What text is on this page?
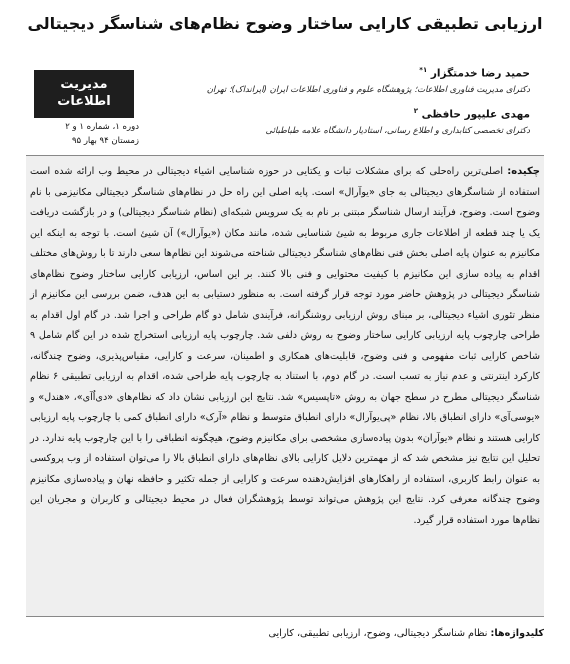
ارزیابی تطبیقی کارایی ساختار وضوح نظام‌های شناسگر دیجیتالی
مدیریت
اطلاعات
دوره ۱، شماره ۱ و ۲
زمستان ۹۴ بهار ۹۵
حمید رضا خدمتگزار $^{۱*}$
دکترای مدیریت فناوری اطلاعات؛ پژوهشگاه علوم و فناوری اطلاعات ایران (ایرانداک)؛ تهران
مهدی علیپور حافظی $^۲$
دکترای تخصصی کتابداری و اطلاع رسانی، استادیار دانشگاه علامه طباطبائی
چکیده: اصلی‌ترین راه‌حلی که برای مشکلات ثبات و یکتایی در حوزه شناسایی اشیاء دیجیتالی در محیط وب ارائه شده است استفاده از شناسگرهای دیجیتالی به جای «یوآرال» است. پایه اصلی این راه حل در نظام‌های شناسگر دیجیتالی مکانیزمی با نام وضوح است. وضوح، فرآیند ارسال شناسگر مبتنی بر نام به یک سرویس شبکه‌ای (نظام شناسگر دیجیتالی) و در بازگشت دریافت یک یا چند قطعه از اطلاعات جاری مربوط به شیئ شناسایی شده، مانند مکان («یوآرال») آن شیئ است. با توجه به اینکه این مکانیزم به عنوان پایه اصلی بخش فنی نظام‌های شناسگر دیجیتالی شناخته می‌شوند این نظام‌ها سعی دارند تا با روش‌های مختلف اقدام به پیاده سازی این مکانیزم با کیفیت محتوایی و فنی بالا کنند. بر این اساس، ارزیابی کارایی ساختار وضوح نظام‌های شناسگر دیجیتالی در پژوهش حاضر مورد توجه قرار گرفته است. به منظور دستیابی به این هدف، ضمن بررسی این مکانیزم از منظر تئوری اشیاء دیجیتالی، بر مبنای روش ارزیابی روشنگرانه، فرآیندی شامل دو گام طراحی و اجرا شد. در گام اول اقدام به طراحی چارچوب پایه ارزیابی کارایی ساختار وضوح به روش دلفی شد. چارچوب پایه ارزیابی استخراج شده در این گام شامل ۹ شاخص کارایی ثبات مفهومی و فنی وضوح، قابلیت‌های همکاری و اطمینان، سرعت و کارایی، مقیاس‌پذیری، وضوح چندگانه، کارکرد اینترنتی و عدم نیاز به تسب است. در گام دوم، با استناد به چارچوب پایه طراحی شده، اقدام به ارزیابی تطبیقی ۶ نظام شناسگر دیجیتالی مطرح در سطح جهان به روش «تاپسیس» شد. نتایج این ارزیابی نشان داد که نظام‌های «دی‌اُ‌آی»، «هندل» و «یوسی‌آی» دارای انطباق بالا، نظام «پی‌یوآرال» دارای انطباق متوسط و نظام «آرک» دارای انطباق کمی با چارچوب پایه ارزیابی کارایی هستند و نظام «یوآران» بدون پیاده‌سازی مشخصی برای مکانیزم وضوح، هیچگونه انطباقی را با این چارچوب پایه ندارد. در تحلیل این نتایج نیز مشخص شد که از مهمترین دلایل کارایی بالای نظام‌های دارای انطباق بالا را می‌توان استفاده از وب پروکسی به عنوان رابط کاربری، استفاده از راهکارهای افزایش‌دهنده سرعت و کارایی از جمله تکثیر و حافظه نهان و پیاده‌سازی مکانیزم وضوح چندگانه معرفی کرد. نتایج این پژوهش می‌تواند توسط پژوهشگران فعال در محیط دیجیتالی و کاربران و مجریان این نظام‌ها مورد استفاده قرار گیرد.
کلیدواژه‌ها: نظام شناسگر دیجیتالی، وضوح، ارزیابی تطبیقی، کارایی
